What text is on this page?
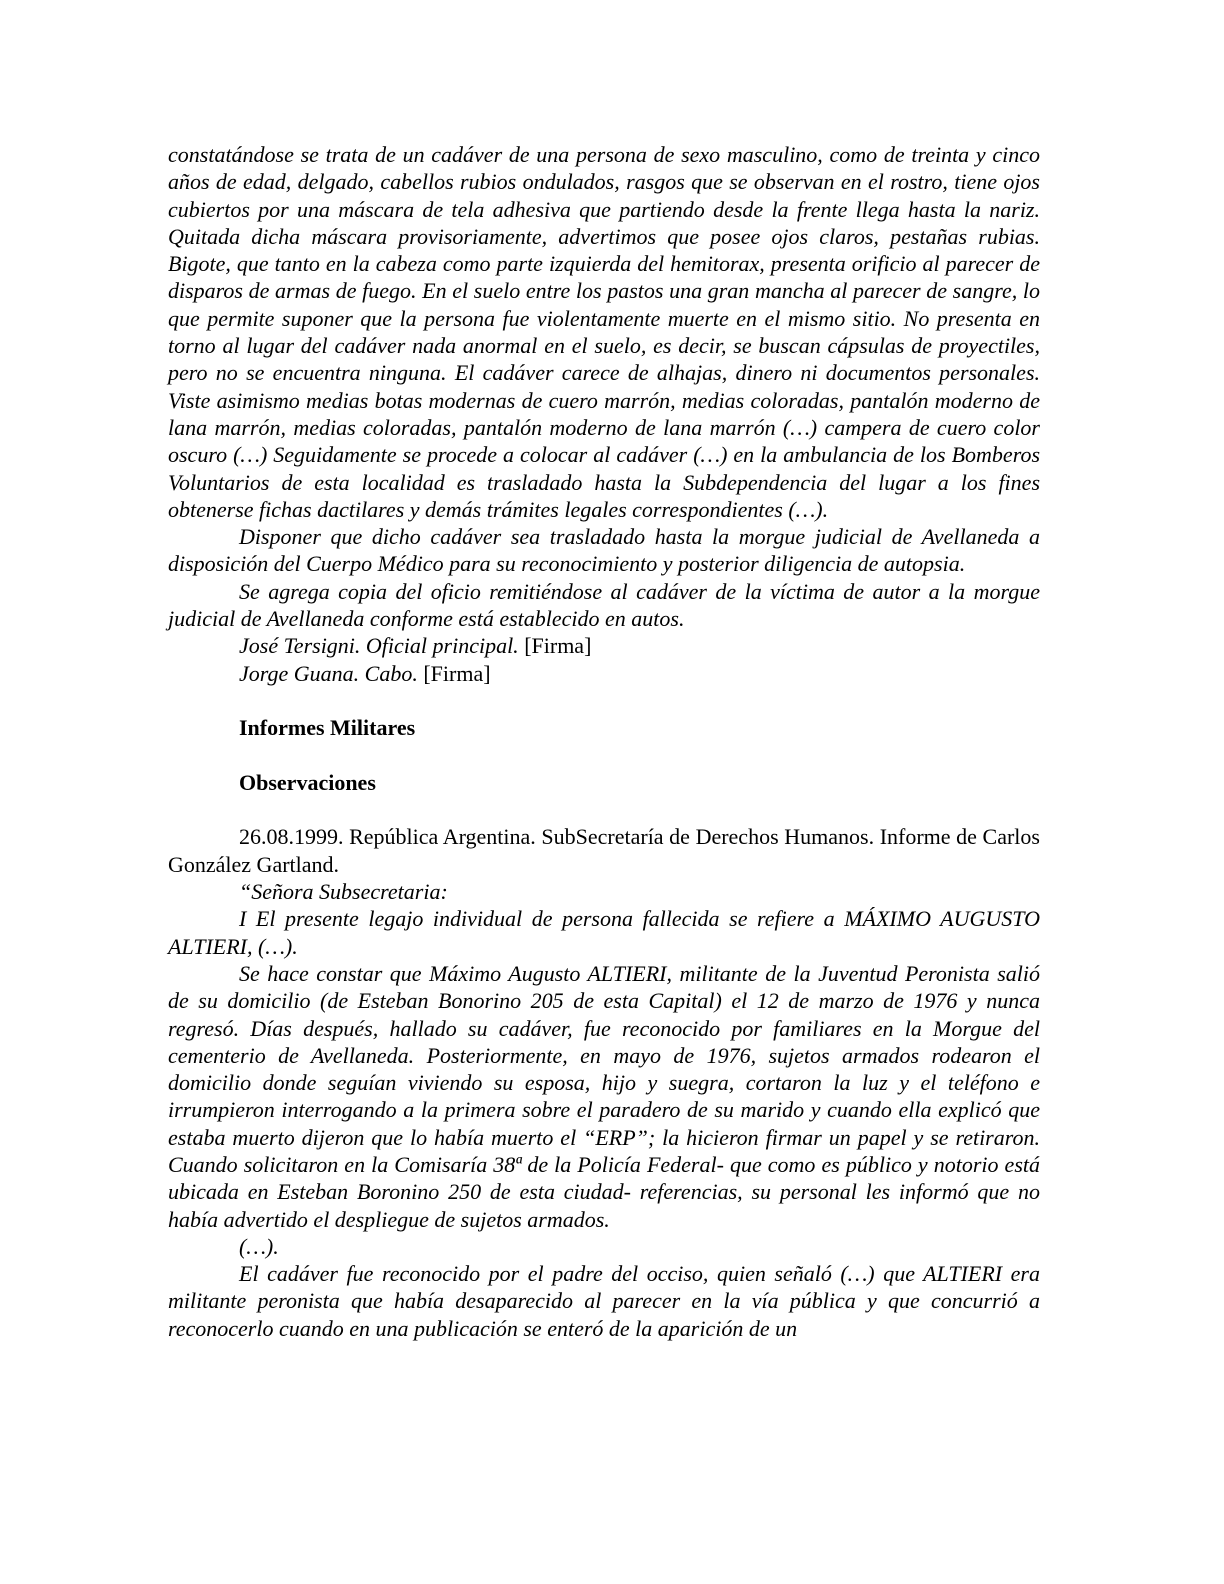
constatándose se trata de un cadáver de una persona de sexo masculino, como de treinta y cinco años de edad, delgado, cabellos rubios ondulados, rasgos que se observan en el rostro, tiene ojos cubiertos por una máscara de tela adhesiva que partiendo desde la frente llega hasta la nariz. Quitada dicha máscara provisoriamente, advertimos que posee ojos claros, pestañas rubias. Bigote, que tanto en la cabeza como parte izquierda del hemitorax, presenta orificio al parecer de disparos de armas de fuego. En el suelo entre los pastos una gran mancha al parecer de sangre, lo que permite suponer que la persona fue violentamente muerte en el mismo sitio. No presenta en torno al lugar del cadáver nada anormal en el suelo, es decir, se buscan cápsulas de proyectiles, pero no se encuentra ninguna. El cadáver carece de alhajas, dinero ni documentos personales. Viste asimismo medias botas modernas de cuero marrón, medias coloradas, pantalón moderno de lana marrón, medias coloradas, pantalón moderno de lana marrón (…) campera de cuero color oscuro (…) Seguidamente se procede a colocar al cadáver (…) en la ambulancia de los Bomberos Voluntarios de esta localidad es trasladado hasta la Subdependencia del lugar a los fines obtenerse fichas dactilares y demás trámites legales correspondientes (…).

Disponer que dicho cadáver sea trasladado hasta la morgue judicial de Avellaneda a disposición del Cuerpo Médico para su reconocimiento y posterior diligencia de autopsia.

Se agrega copia del oficio remitiéndose al cadáver de la víctima de autor a la morgue judicial de Avellaneda conforme está establecido en autos.

José Tersigni. Oficial principal. [Firma]

Jorge Guana. Cabo. [Firma]

Informes Militares

Observaciones

26.08.1999. República Argentina. SubSecretaría de Derechos Humanos. Informe de Carlos González Gartland.

“Señora Subsecretaria:

I El presente legajo individual de persona fallecida se refiere a MÁXIMO AUGUSTO ALTIERI, (…).

Se hace constar que Máximo Augusto ALTIERI, militante de la Juventud Peronista salió de su domicilio (de Esteban Bonorino 205 de esta Capital) el 12 de marzo de 1976 y nunca regresó. Días después, hallado su cadáver, fue reconocido por familiares en la Morgue del cementerio de Avellaneda. Posteriormente, en mayo de 1976, sujetos armados rodearon el domicilio donde seguían viviendo su esposa, hijo y suegra, cortaron la luz y el teléfono e irrumpieron interrogando a la primera sobre el paradero de su marido y cuando ella explicó que estaba muerto dijeron que lo había muerto el “ERP”; la hicieron firmar un papel y se retiraron. Cuando solicitaron en la Comisaría 38ª de la Policía Federal- que como es público y notorio está ubicada en Esteban Boronino 250 de esta ciudad- referencias, su personal les informó que no había advertido el despliegue de sujetos armados.

(…).

El cadáver fue reconocido por el padre del occiso, quien señaló (…) que ALTIERI era militante peronista que había desaparecido al parecer en la vía pública y que concurrió a reconocerlo cuando en una publicación se enteró de la aparición de un
